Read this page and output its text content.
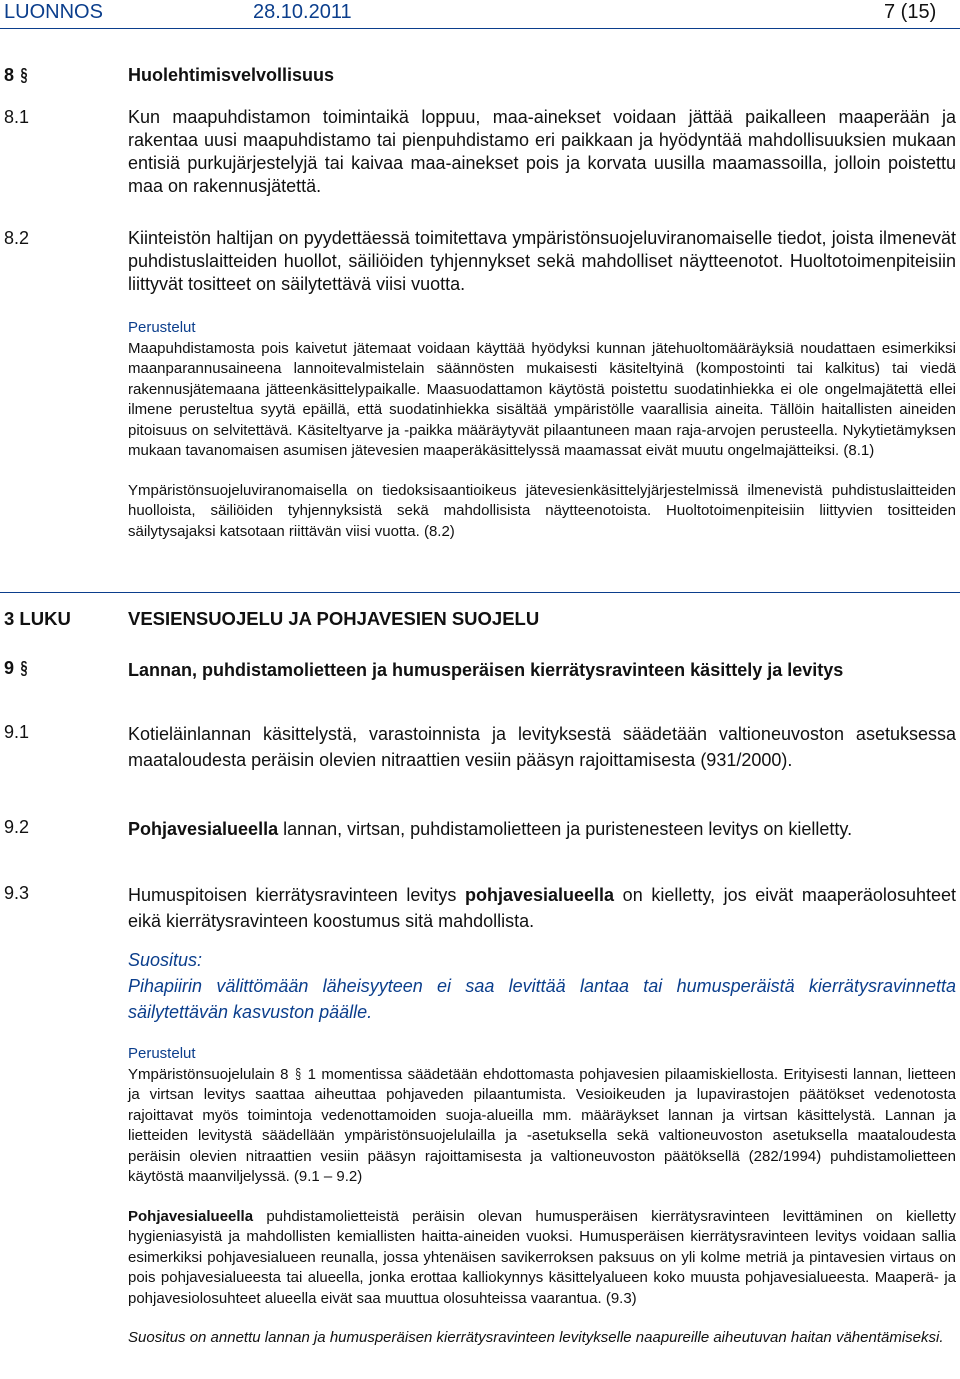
LUONNOS	28.10.2011	7 (15)
8 §	Huolehtimisvelvollisuus
8.1	Kun maapuhdistamon toimintaikä loppuu, maa-ainekset voidaan jättää paikalleen maaperään ja rakentaa uusi maapuhdistamo tai pienpuhdistamo eri paikkaan ja hyödyntää mahdollisuuksien mukaan entisiä purkujärjestelyjä tai kaivaa maa-ainekset pois ja korvata uusilla maamassoilla, jolloin poistettu maa on rakennusjätettä.
8.2	Kiinteistön haltijan on pyydettäessä toimitettava ympäristönsuojeluviranomaiselle tiedot, joista ilmenevät puhdistuslaitteiden huollot, säiliöiden tyhjennykset sekä mahdolliset näytteenotot. Huoltotoimenpiteisiin liittyvät tositteet on säilytettävä viisi vuotta.
Perustelut
Maapuhdistamosta pois kaivetut jätemaat voidaan käyttää hyödyksi kunnan jätehuoltomääräyksiä noudattaen esimerkiksi maanparannusaineena lannoitevalmistelain säännösten mukaisesti käsiteltyinä (kompostointi tai kalkitus) tai viedä rakennusjätemaana jätteenkäsittelypaikalle. Maasuodattamon käytöstä poistettu suodatinhiekka ei ole ongelmajätettä ellei ilmene perusteltua syytä epäillä, että suodatinhiekka sisältää ympäristölle vaarallisia aineita. Tällöin haitallisten aineiden pitoisuus on selvitettävä. Käsiteltyarve ja -paikka määräytyvät pilaantuneen maan raja-arvojen perusteella. Nykytietämyksen mukaan tavanomaisen asumisen jätevesien maaperäkäsittelyssä maamassat eivät muutu ongelmajätteiksi. (8.1)
Ympäristönsuojeluviranomaisella on tiedoksisaantioikeus jätevesienkäsittelyjärjestelmissä ilmenevistä puhdistuslaitteiden huolloista, säiliöiden tyhjennyksistä sekä mahdollisista näytteenotoista. Huoltotoimenpiteisiin liittyvien tositteiden säilytysajaksi katsotaan riittävän viisi vuotta. (8.2)
3 LUKU	VESIENSUOJELU JA POHJAVESIEN SUOJELU
9 §	Lannan, puhdistamolietteen ja humusperäisen kierrätysravinteen käsittely ja levitys
9.1	Kotieläinlannan käsittelystä, varastoinnista ja levityksestä säädetään valtioneuvoston asetuksessa maataloudesta peräisin olevien nitraattien vesiin pääsyn rajoittamisesta (931/2000).
9.2	Pohjavesialueella lannan, virtsan, puhdistamolietteen ja puristenesteen levitys on kielletty.
9.3	Humuspitoisen kierrätysravinteen levitys pohjavesialueella on kielletty, jos eivät maaperäolosuhteet eikä kierrätysravinteen koostumus sitä mahdollista.
Suositus:
Pihapiirin välittömään läheisyyteen ei saa levittää lantaa tai humusperäistä kierrätysravinnetta säilytettävän kasvuston päälle.
Perustelut
Ympäristönsuojelulain 8 § 1 momentissa säädetään ehdottomasta pohjavesien pilaamiskiellosta. Erityisesti lannan, lietteen ja virtsan levitys saattaa aiheuttaa pohjaveden pilaantumista. Vesioikeuden ja lupavirastojen päätökset vedenotosta rajoittavat myös toimintoja vedenottamoiden suoja-alueilla mm. määräykset lannan ja virtsan käsittelystä. Lannan ja lietteiden levitystä säädellään ympäristönsuojelulailla ja -asetuksella sekä valtioneuvoston asetuksella maataloudesta peräisin olevien nitraattien vesiin pääsyn rajoittamisesta ja valtioneuvoston päätöksellä (282/1994) puhdistamolietteen käytöstä maanviljelyssä. (9.1 – 9.2)
Pohjavesialueella puhdistamolietteistä peräisin olevan humusperäisen kierrätysravinteen levittäminen on kielletty hygieniasyistä ja mahdollisten kemiallisten haitta-aineiden vuoksi. Humusperäisen kierrätysravinteen levitys voidaan sallia esimerkiksi pohjavesialueen reunalla, jossa yhtenäisen savikerroksen paksuus on yli kolme metriä ja pintavesien virtaus on pois pohjavesialueesta tai alueella, jonka erottaa kalliokynnys käsittelyalueen koko muusta pohjavesialueesta. Maaperä- ja pohjavesiolosuhteet alueella eivät saa muuttua olosuhteissa vaarantua. (9.3)
Suositus on annettu lannan ja humusperäisen kierrätysravinteen levitykselle naapureille aiheutuvan haitan vähentämiseksi.
